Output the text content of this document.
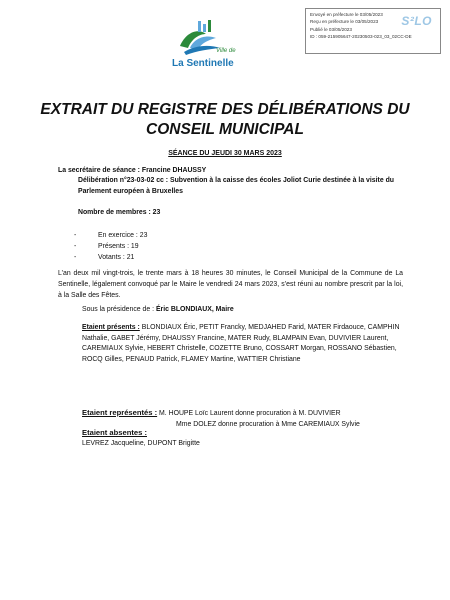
Ville de
La Sentinelle
Envoyé en préfecture le 03/05/2023
Reçu en préfecture le 03/05/2023
Publié le 03/05/2023
ID : 059-215905647-20230503-023_03_02CC-DE
S²LO
EXTRAIT DU REGISTRE DES DÉLIBÉRATIONS DU CONSEIL MUNICIPAL
SÉANCE DU JEUDI 30 MARS 2023
La secrétaire de séance : Francine DHAUSSY
Délibération n°23-03-02 cc : Subvention à la caisse des écoles Joliot Curie destinée à la visite du Parlement européen à Bruxelles
Nombre de membres : 23
-	En exercice : 23
-	Présents : 19
-	Votants : 21
L’an deux mil vingt-trois, le trente mars à 18 heures 30 minutes, le Conseil Municipal de la Commune de La Sentinelle, légalement convoqué par le Maire le vendredi 24 mars 2023, s’est réuni au nombre prescrit par la loi, à la Salle des Fêtes.
Sous la présidence de : Éric BLONDIAUX, Maire
Etaient présents : BLONDIAUX Éric, PETIT Francky, MEDJAHED Farid, MATER Firdaouce, CAMPHIN Nathalie, GABET Jérémy, DHAUSSY Francine, MATER Rudy, BLAMPAIN Evan, DUVIVIER Laurent, CAREMIAUX Sylvie, HEBERT Christelle, COZETTE Bruno, COSSART Morgan, ROSSANO Sébastien, ROCQ Gilles, PENAUD Patrick, FLAMEY Martine, WATTIER Christiane
Etaient représentés : M. HOUPE Loïc Laurent donne procuration à M. DUVIVIER
Mme DOLEZ donne procuration à Mme CAREMIAUX Sylvie
Etaient absentes :
LEVREZ Jacqueline, DUPONT Brigitte
